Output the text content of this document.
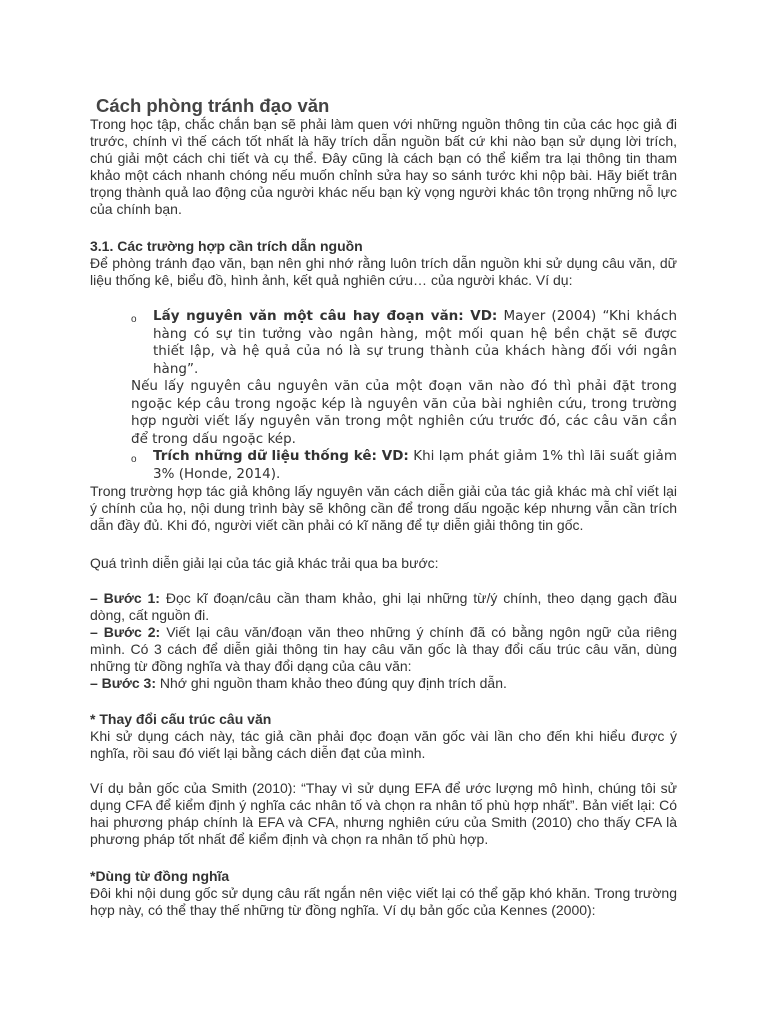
Cách phòng tránh đạo văn

Trong học tập, chắc chắn bạn sẽ phải làm quen với những nguồn thông tin của các học giả đi trước, chính vì thế cách tốt nhất là hãy trích dẫn nguồn bất cứ khi nào bạn sử dụng lời trích, chú giải một cách chi tiết và cụ thể. Đây cũng là cách bạn có thể kiểm tra lại thông tin tham khảo một cách nhanh chóng nếu muốn chỉnh sửa hay so sánh tước khi nộp bài. Hãy biết trân trọng thành quả lao động của người khác nếu bạn kỳ vọng người khác tôn trọng những nỗ lực của chính bạn.

3.1. Các trường hợp cần trích dẫn nguồn
Để phòng tránh đạo văn, bạn nên ghi nhớ rằng luôn trích dẫn nguồn khi sử dụng câu văn, dữ liệu thống kê, biểu đồ, hình ảnh, kết quả nghiên cứu… của người khác. Ví dụ:
o Lấy nguyên văn một câu hay đoạn văn: VD: Mayer (2004) “Khi khách hàng có sự tin tưởng vào ngân hàng, một mối quan hệ bền chặt sẽ được thiết lập, và hệ quả của nó là sự trung thành của khách hàng đối với ngân hàng”.

Nếu lấy nguyên câu nguyên văn của một đoạn văn nào đó thì phải đặt trong ngoặc kép câu trong ngoặc kép là nguyên văn của bài nghiên cứu, trong trường hợp người viết lấy nguyên văn trong một nghiên cứu trước đó, các câu văn cần để trong dấu ngoặc kép.

o Trích những dữ liệu thống kê: VD: Khi lạm phát giảm 1% thì lãi suất giảm 3% (Honde, 2014).

Trong trường hợp tác giả không lấy nguyên văn cách diễn giải của tác giả khác mà chỉ viết lại ý chính của họ, nội dung trình bày sẽ không cần để trong dấu ngoặc kép nhưng vẫn cần trích dẫn đầy đủ. Khi đó, người viết cần phải có kĩ năng để tự diễn giải thông tin gốc.

Quá trình diễn giải lại của tác giả khác trải qua ba bước:

– Bước 1: Đọc kĩ đoạn/câu cần tham khảo, ghi lại những từ/ý chính, theo dạng gạch đầu dòng, cất nguồn đi.
– Bước 2: Viết lại câu văn/đoạn văn theo những ý chính đã có bằng ngôn ngữ của riêng mình. Có 3 cách để diễn giải thông tin hay câu văn gốc là thay đổi cấu trúc câu văn, dùng những từ đồng nghĩa và thay đổi dạng của câu văn:
– Bước 3: Nhớ ghi nguồn tham khảo theo đúng quy định trích dẫn.
* Thay đổi cấu trúc câu văn
Khi sử dụng cách này, tác giả cần phải đọc đoạn văn gốc vài lần cho đến khi hiểu được ý nghĩa, rồi sau đó viết lại bằng cách diễn đạt của mình.

Ví dụ bản gốc của Smith (2010): “Thay vì sử dụng EFA để ước lượng mô hình, chúng tôi sử dụng CFA để kiểm định ý nghĩa các nhân tố và chọn ra nhân tố phù hợp nhất”. Bản viết lại: Có hai phương pháp chính là EFA và CFA, nhưng nghiên cứu của Smith (2010) cho thấy CFA là phương pháp tốt nhất để kiểm định và chọn ra nhân tố phù hợp.

*Dùng từ đồng nghĩa
Đôi khi nội dung gốc sử dụng câu rất ngắn nên việc viết lại có thể gặp khó khăn. Trong trường hợp này, có thể thay thế những từ đồng nghĩa. Ví dụ bản gốc của Kennes (2000):
